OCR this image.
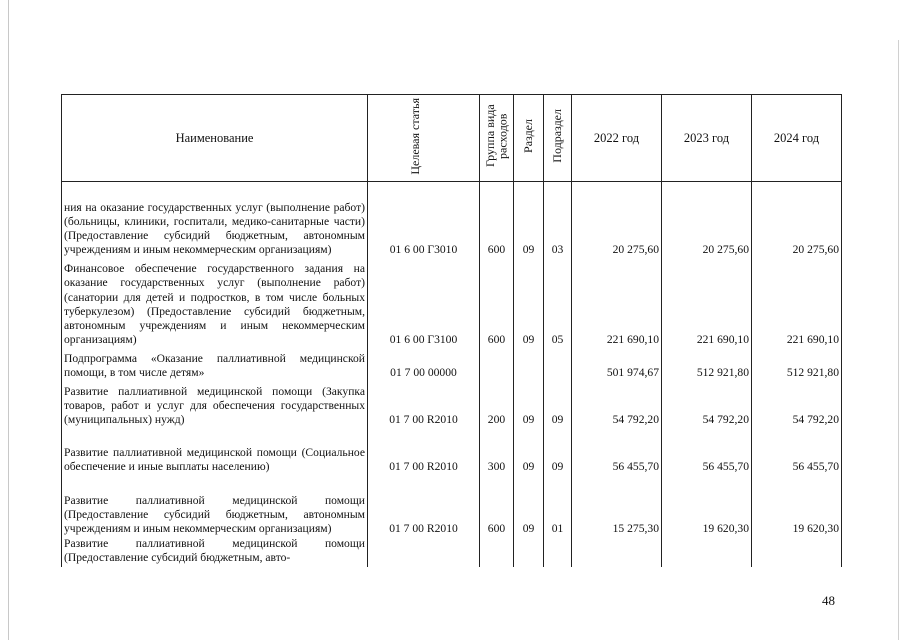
Наименование	Целевая статья	Группа вида расходов	Раздел	Подраздел	2022 год	2023 год	2024 год
ния на оказание государственных услуг (выполнение работ) (больницы, клиники, госпитали, медико-санитарные части) (Предоставление субсидий бюджетным, автономным учреждениям и иным некоммерческим организациям)	01 6 00 Г3010	600	09	03	20 275,60	20 275,60	20 275,60
Финансовое обеспечение государственного задания на оказание государственных услуг (выполнение работ) (санатории для детей и подростков, в том числе больных туберкулезом) (Предоставление субсидий бюджетным, автономным учреждениям и иным некоммерческим организациям)	01 6 00 Г3100	600	09	05	221 690,10	221 690,10	221 690,10
Подпрограмма «Оказание паллиативной медицинской помощи, в том числе детям»	01 7 00 00000				501 974,67	512 921,80	512 921,80
Развитие паллиативной медицинской помощи (Закупка товаров, работ и услуг для обеспечения государственных (муниципальных) нужд)	01 7 00 R2010	200	09	09	54 792,20	54 792,20	54 792,20
Развитие паллиативной медицинской помощи (Социальное обеспечение и иные выплаты населению)	01 7 00 R2010	300	09	09	56 455,70	56 455,70	56 455,70
Развитие паллиативной медицинской помощи (Предоставление субсидий бюджетным, автономным учреждениям и иным некоммерческим организациям)	01 7 00 R2010	600	09	01	15 275,30	19 620,30	19 620,30
Развитие паллиативной медицинской помощи (Предоставление субсидий бюджетным, авто-							
48
